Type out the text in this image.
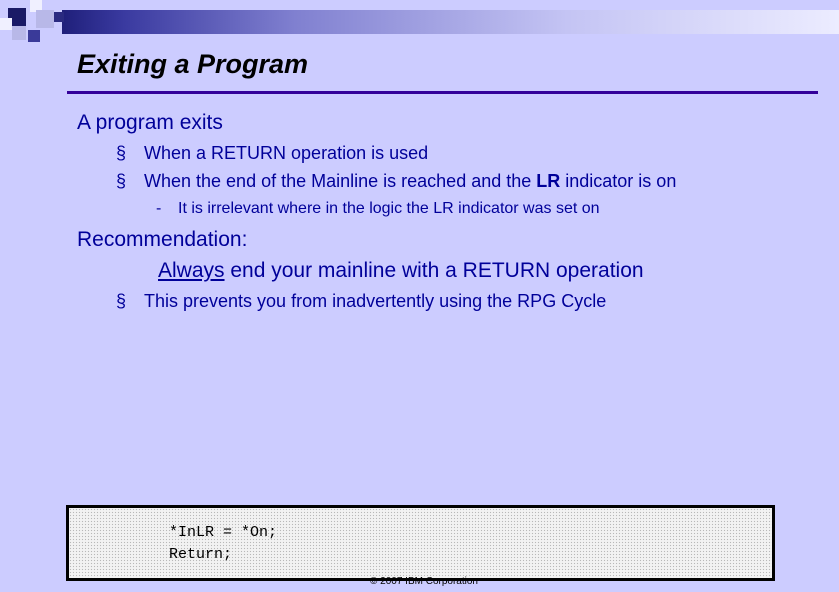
Exiting a Program
A program exits
§ When a RETURN operation is used
§ When the end of the Mainline is reached and the LR indicator is on
- It is irrelevant where in the logic the LR indicator was set on
Recommendation:
Always end your mainline with a RETURN operation
§ This prevents you from inadvertently using the RPG Cycle
*InLR = *On;
Return;
© 2007 IBM Corporation
